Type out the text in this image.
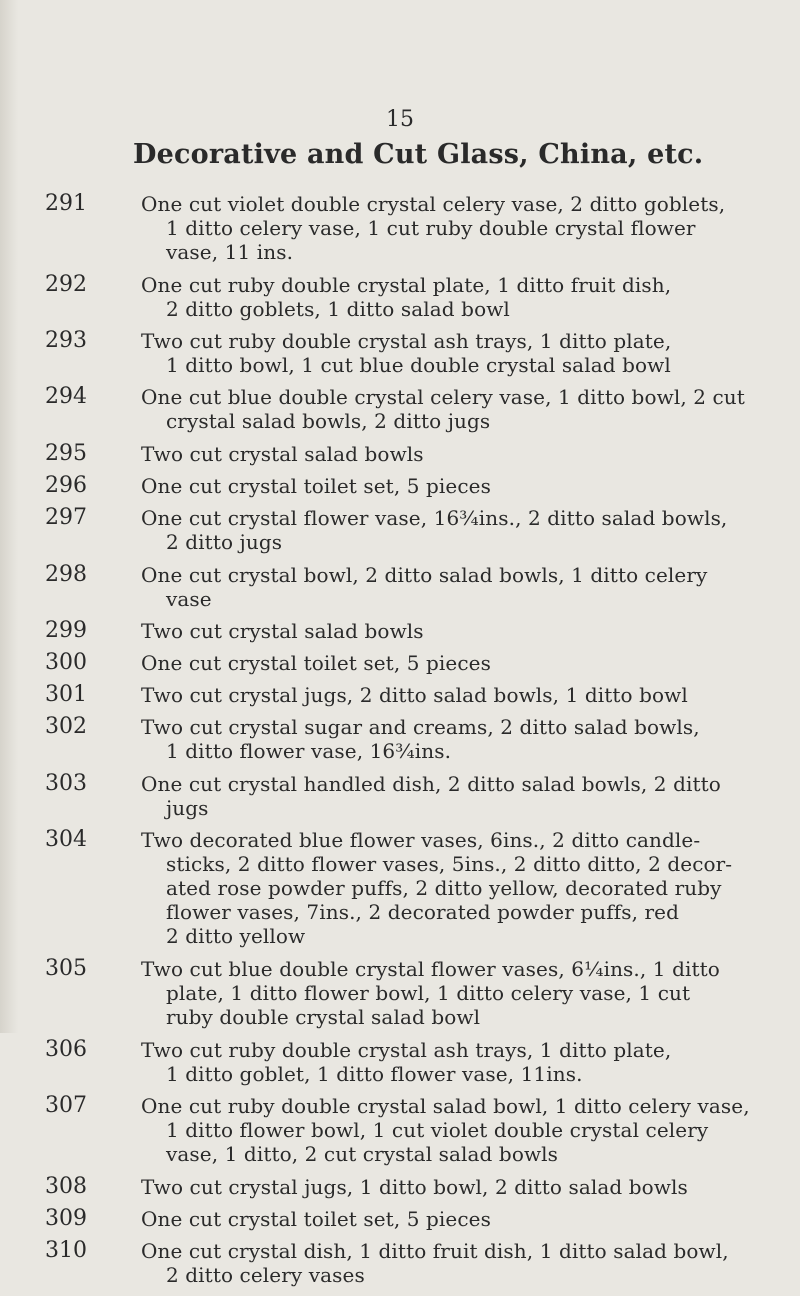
15
Decorative and Cut Glass, China, etc.
291	One cut violet double crystal celery vase, 2 ditto goblets,
1 ditto celery vase, 1 cut ruby double crystal flower
vase, 11 ins.
292	One cut ruby double crystal plate, 1 ditto fruit dish,
2 ditto goblets, 1 ditto salad bowl
293	Two cut ruby double crystal ash trays, 1 ditto plate,
1 ditto bowl, 1 cut blue double crystal salad bowl
294	One cut blue double crystal celery vase, 1 ditto bowl, 2 cut
crystal salad bowls, 2 ditto jugs
295	Two cut crystal salad bowls
296	One cut crystal toilet set, 5 pieces
297	One cut crystal flower vase, 16¾ins., 2 ditto salad bowls,
2 ditto jugs
298	One cut crystal bowl, 2 ditto salad bowls, 1 ditto celery
vase
299	Two cut crystal salad bowls
300	One cut crystal toilet set, 5 pieces
301	Two cut crystal jugs, 2 ditto salad bowls, 1 ditto bowl
302	Two cut crystal sugar and creams, 2 ditto salad bowls,
1 ditto flower vase, 16¾ins.
303	One cut crystal handled dish, 2 ditto salad bowls, 2 ditto
jugs
304	Two decorated blue flower vases, 6ins., 2 ditto candle-
sticks, 2 ditto flower vases, 5ins., 2 ditto ditto, 2 decor-
ated rose powder puffs, 2 ditto yellow, decorated ruby
flower vases, 7ins., 2 decorated powder puffs, red
2 ditto yellow
305	Two cut blue double crystal flower vases, 6¼ins., 1 ditto
plate, 1 ditto flower bowl, 1 ditto celery vase, 1 cut
ruby double crystal salad bowl
306	Two cut ruby double crystal ash trays, 1 ditto plate,
1 ditto goblet, 1 ditto flower vase, 11ins.
307	One cut ruby double crystal salad bowl, 1 ditto celery vase,
1 ditto flower bowl, 1 cut violet double crystal celery
vase, 1 ditto, 2 cut crystal salad bowls
308	Two cut crystal jugs, 1 ditto bowl, 2 ditto salad bowls
309	One cut crystal toilet set, 5 pieces
310	One cut crystal dish, 1 ditto fruit dish, 1 ditto salad bowl,
2 ditto celery vases
